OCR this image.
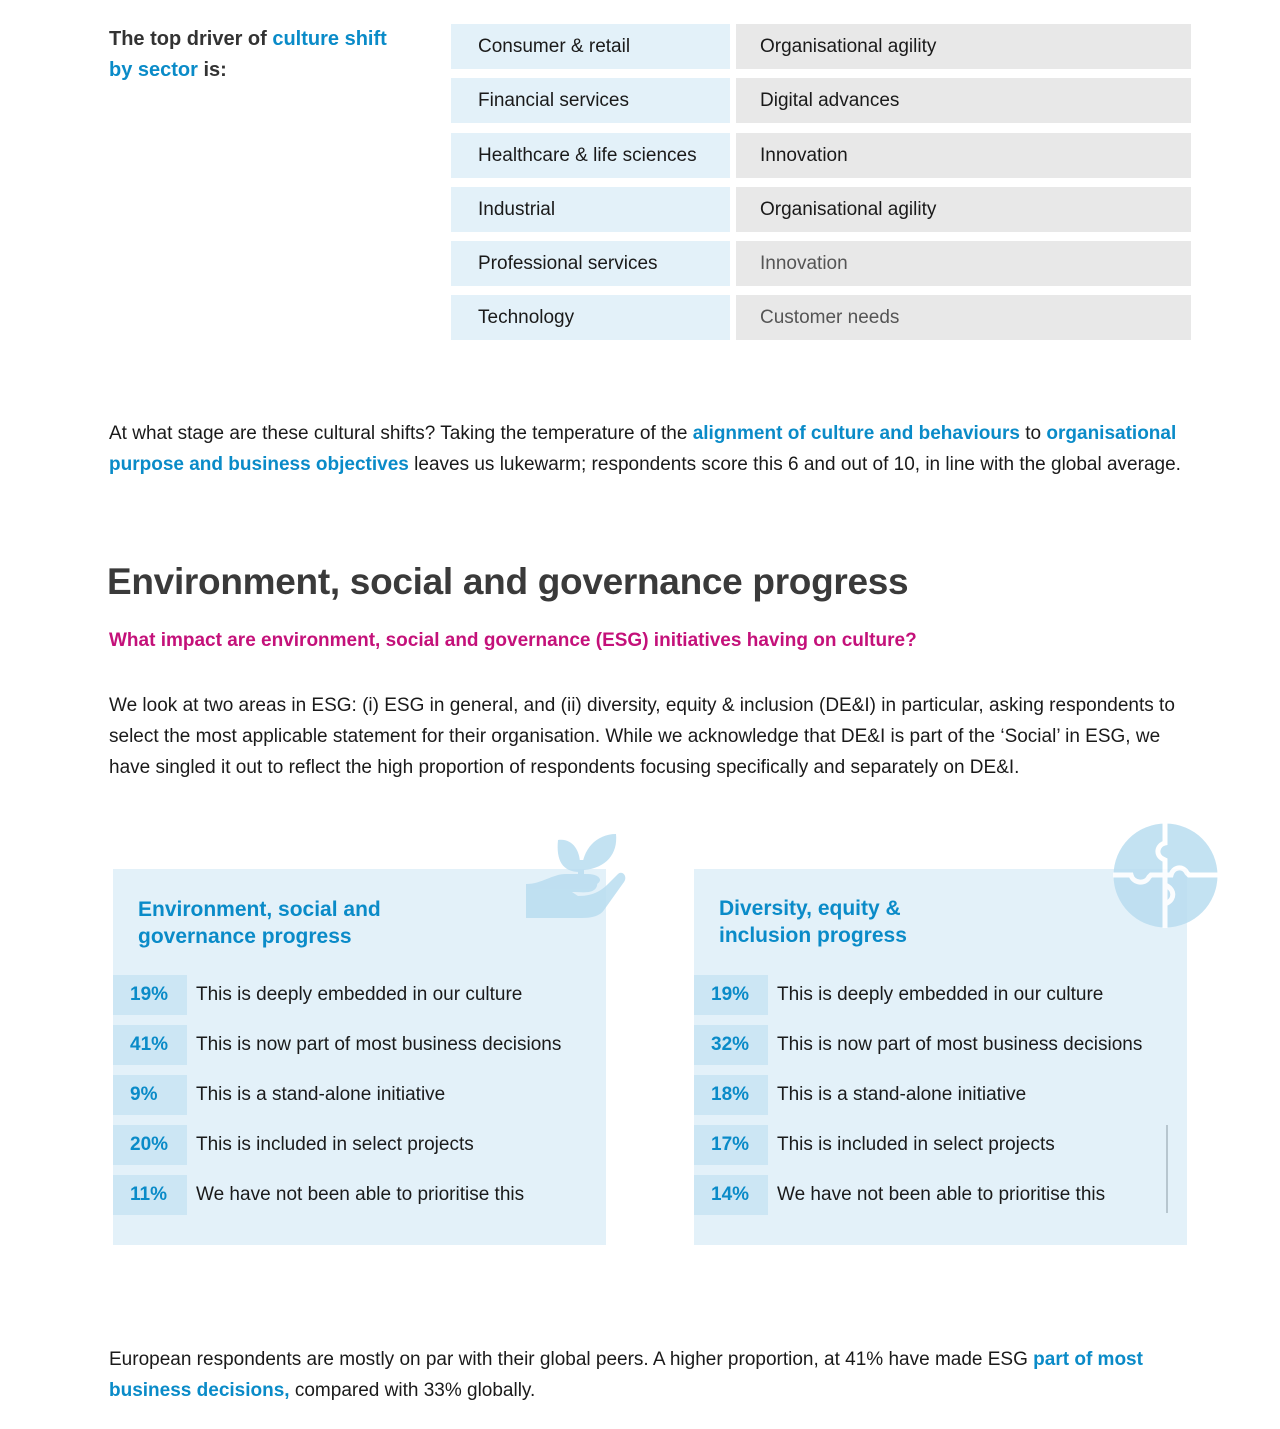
The top driver of culture shift by sector is:
Consumer & retail	Organisational agility
Financial services	Digital advances
Healthcare & life sciences	Innovation
Industrial	Organisational agility
Professional services	Innovation
Technology	Customer needs

At what stage are these cultural shifts? Taking the temperature of the alignment of culture and behaviours to organisational purpose and business objectives leaves us lukewarm; respondents score this 6 and out of 10, in line with the global average.

Environment, social and governance progress
What impact are environment, social and governance (ESG) initiatives having on culture?

We look at two areas in ESG: (i) ESG in general, and (ii) diversity, equity & inclusion (DE&I) in particular, asking respondents to select the most applicable statement for their organisation. While we acknowledge that DE&I is part of the ‘Social’ in ESG, we have singled it out to reflect the high proportion of respondents focusing specifically and separately on DE&I.

Environment, social and
governance progress
19%	This is deeply embedded in our culture
41%	This is now part of most business decisions
9%	This is a stand-alone initiative
20%	This is included in select projects
11%	We have not been able to prioritise this
Diversity, equity &
inclusion progress
19%	This is deeply embedded in our culture
32%	This is now part of most business decisions
18%	This is a stand-alone initiative
17%	This is included in select projects
14%	We have not been able to prioritise this

European respondents are mostly on par with their global peers. A higher proportion, at 41% have made ESG part of most business decisions, compared with 33% globally.
